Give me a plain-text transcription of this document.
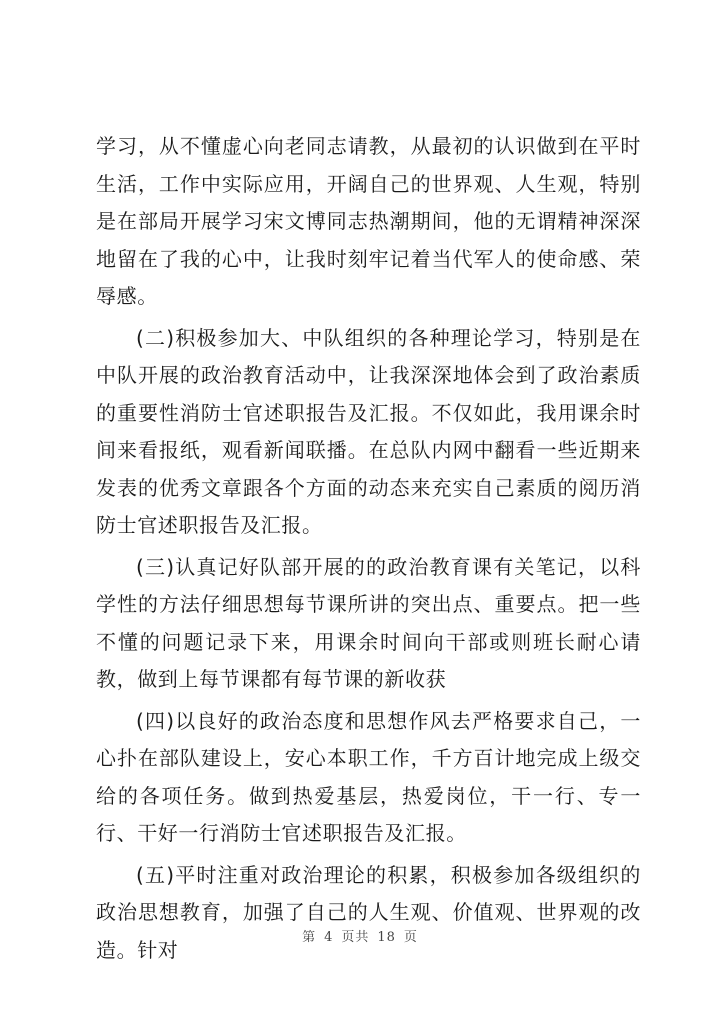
学习，从不懂虚心向老同志请教，从最初的认识做到在平时生活，工作中实际应用，开阔自己的世界观、人生观，特别是在部局开展学习宋文博同志热潮期间，他的无谓精神深深地留在了我的心中，让我时刻牢记着当代军人的使命感、荣辱感。

(二)积极参加大、中队组织的各种理论学习，特别是在中队开展的政治教育活动中，让我深深地体会到了政治素质的重要性消防士官述职报告及汇报。不仅如此，我用课余时间来看报纸，观看新闻联播。在总队内网中翻看一些近期来发表的优秀文章跟各个方面的动态来充实自己素质的阅历消防士官述职报告及汇报。

(三)认真记好队部开展的的政治教育课有关笔记，以科学性的方法仔细思想每节课所讲的突出点、重要点。把一些不懂的问题记录下来，用课余时间向干部或则班长耐心请教，做到上每节课都有每节课的新收获

(四)以良好的政治态度和思想作风去严格要求自己，一心扑在部队建设上，安心本职工作，千方百计地完成上级交给的各项任务。做到热爱基层，热爱岗位，干一行、专一行、干好一行消防士官述职报告及汇报。

(五)平时注重对政治理论的积累，积极参加各级组织的政治思想教育，加强了自己的人生观、价值观、世界观的改造。针对	第 4 页共 18 页
